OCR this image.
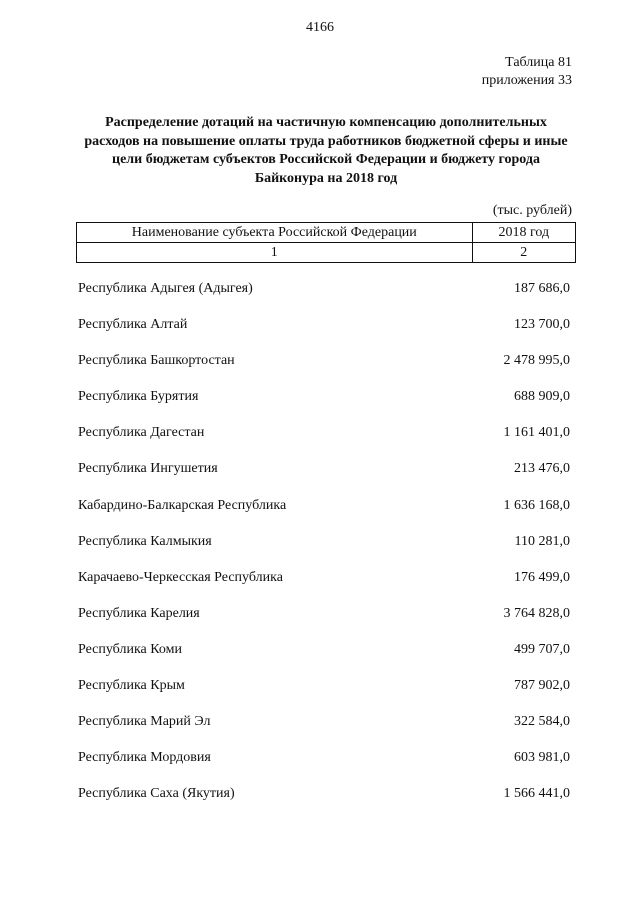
4166
Таблица 81
приложения 33
Распределение дотаций на частичную компенсацию дополнительных расходов на повышение оплаты труда работников бюджетной сферы и иные цели бюджетам субъектов Российской Федерации и бюджету города Байконура на 2018 год
(тыс. рублей)
Наименование субъекта Российской Федерации	2018 год
1	2
Республика Адыгея (Адыгея)	187 686,0
Республика Алтай	123 700,0
Республика Башкортостан	2 478 995,0
Республика Бурятия	688 909,0
Республика Дагестан	1 161 401,0
Республика Ингушетия	213 476,0
Кабардино-Балкарская Республика	1 636 168,0
Республика Калмыкия	110 281,0
Карачаево-Черкесская Республика	176 499,0
Республика Карелия	3 764 828,0
Республика Коми	499 707,0
Республика Крым	787 902,0
Республика Марий Эл	322 584,0
Республика Мордовия	603 981,0
Республика Саха (Якутия)	1 566 441,0
